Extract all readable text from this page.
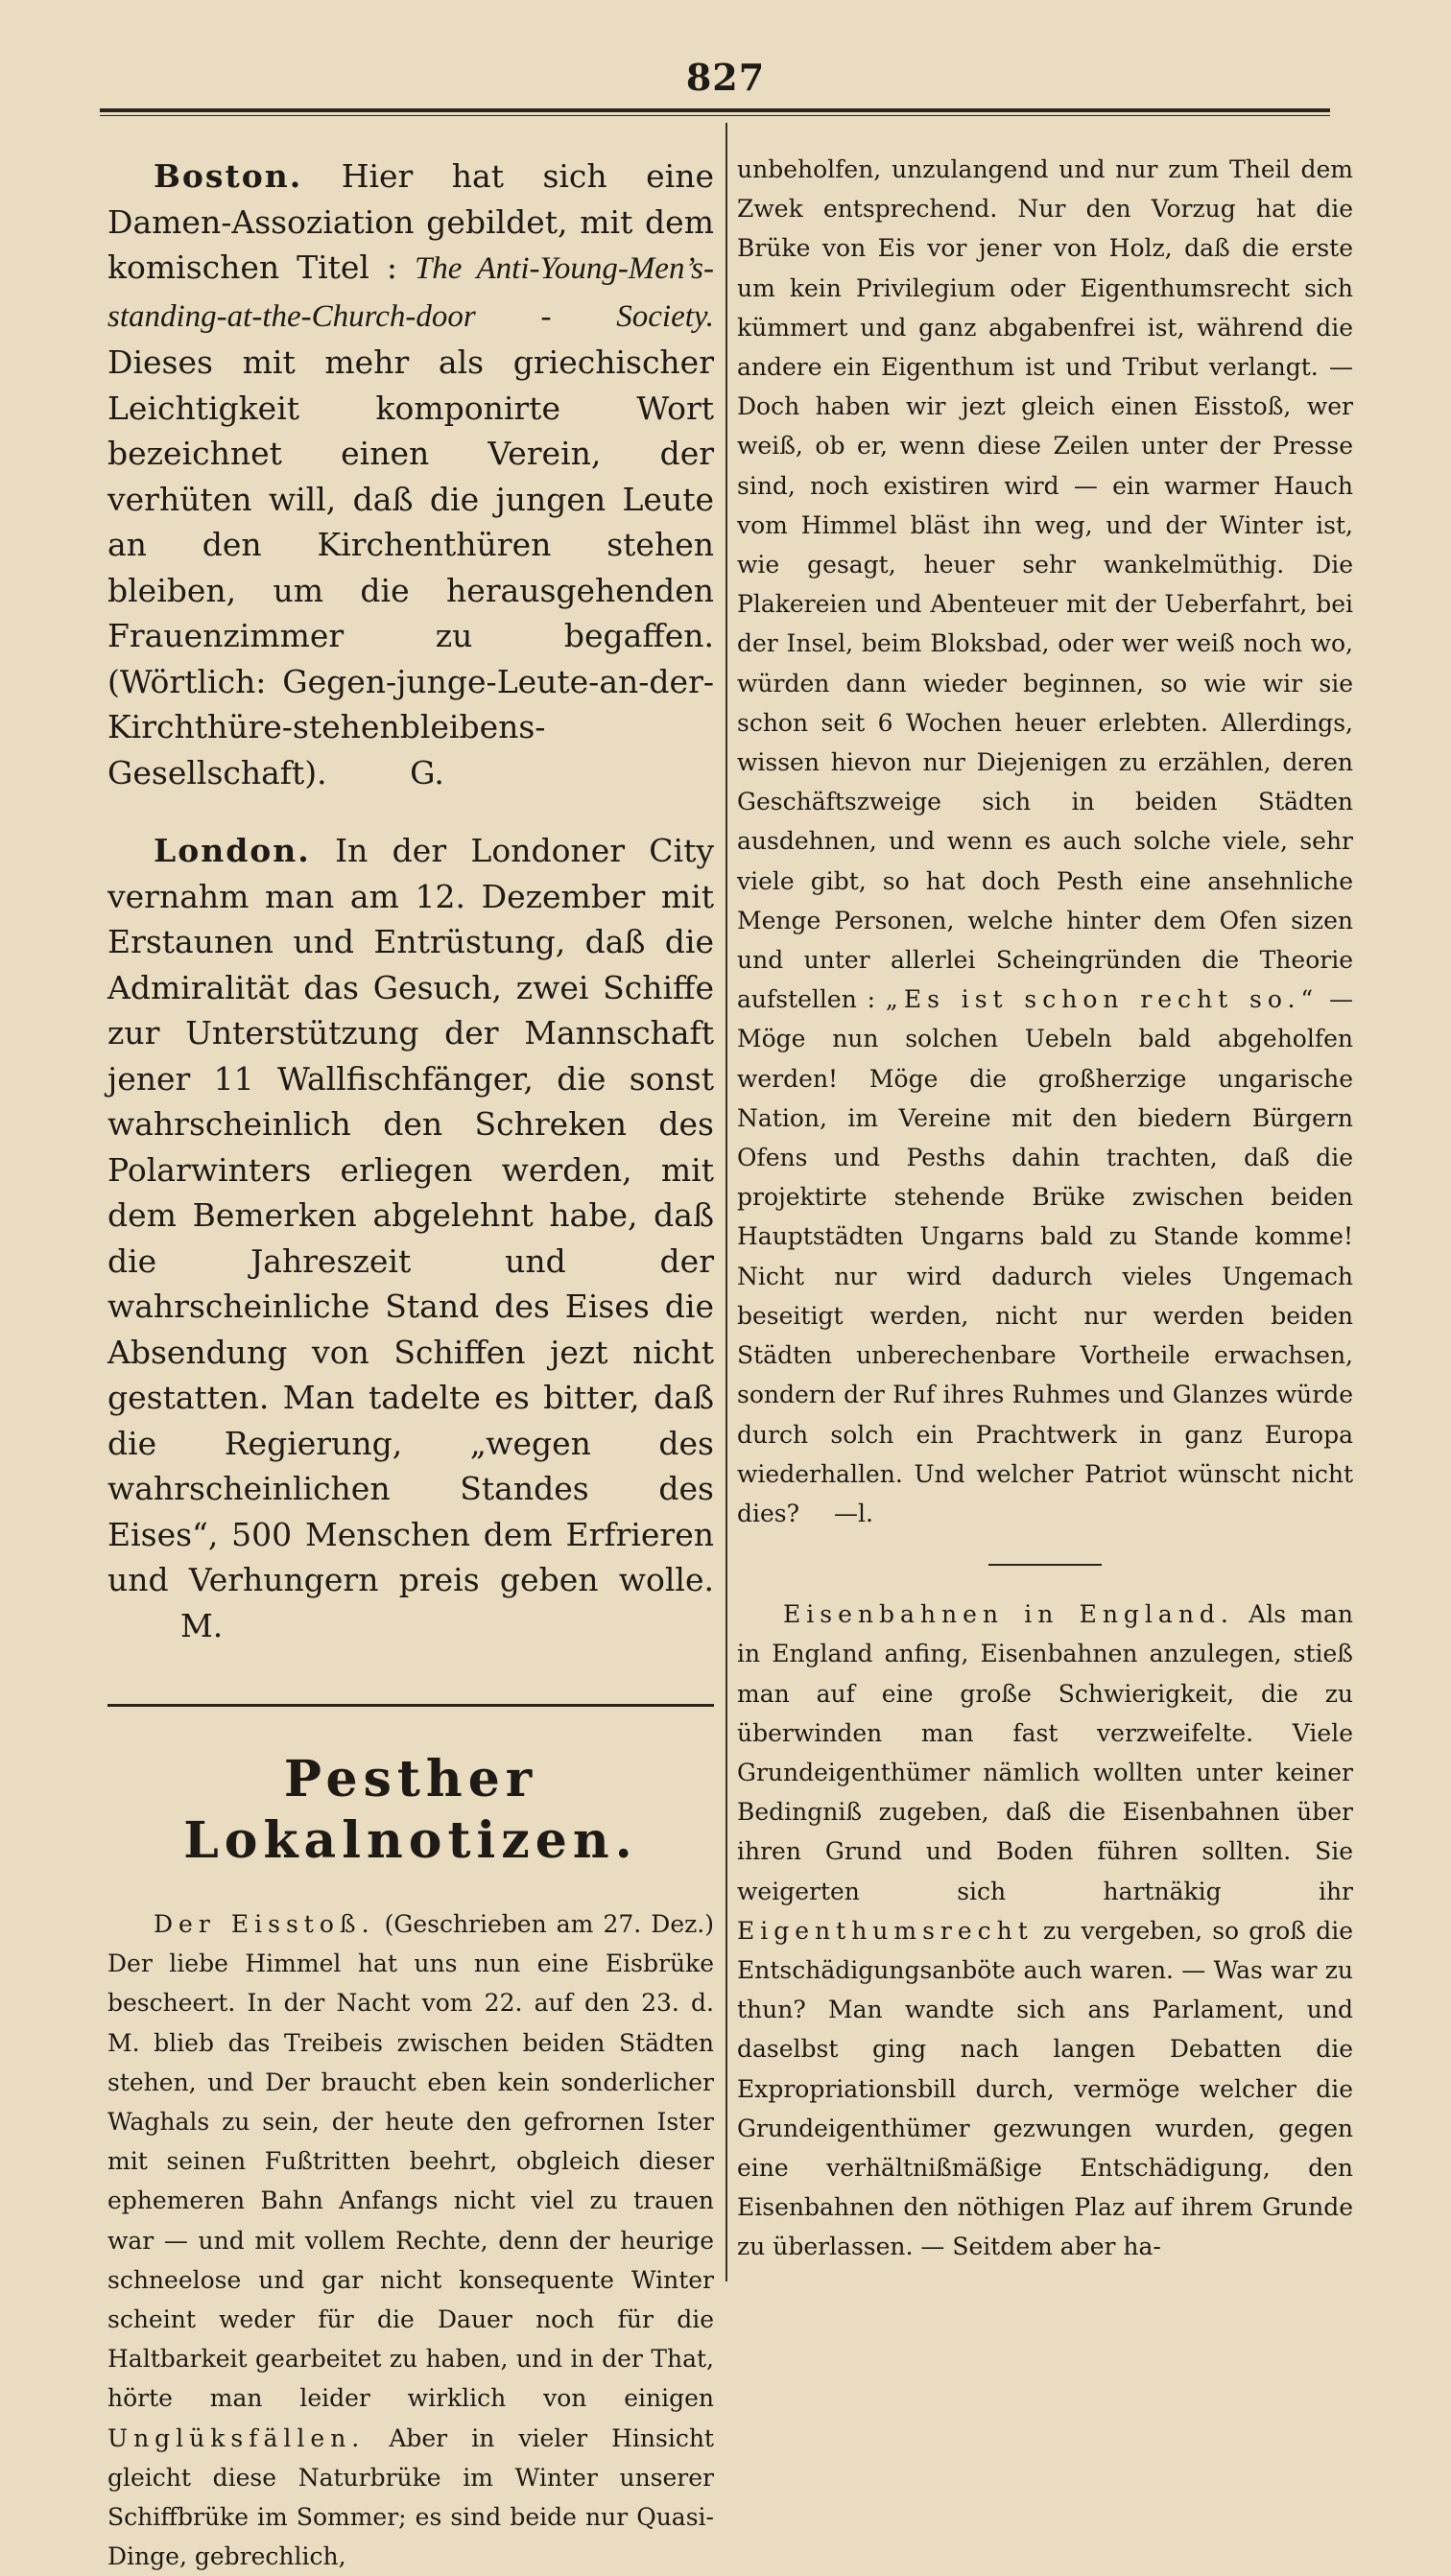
827

Boston. Hier hat sich eine Damen-Assoziation gebildet, mit dem komischen Titel : The Anti-Young-Men’s-standing-at-the-Church-door - Society. Dieses mit mehr als griechischer Leichtigkeit komponirte Wort bezeichnet einen Verein, der verhüten will, daß die jungen Leute an den Kirchenthüren stehen bleiben, um die herausgehenden Frauenzimmer zu begaffen. (Wörtlich: Gegen-junge-Leute-an-der-Kirchthüre-stehenbleibens-Gesellschaft).	G.

London. In der Londoner City vernahm man am 12. Dezember mit Erstaunen und Entrüstung, daß die Admiralität das Gesuch, zwei Schiffe zur Unterstützung der Mannschaft jener 11 Wallfischfänger, die sonst wahrscheinlich den Schreken des Polarwinters erliegen werden, mit dem Bemerken abgelehnt habe, daß die Jahreszeit und der wahrscheinliche Stand des Eises die Absendung von Schiffen jezt nicht gestatten. Man tadelte es bitter, daß die Regierung, „wegen des wahrscheinlichen Standes des Eises“, 500 Menschen dem Erfrieren und Verhungern preis geben wolle. M.

Pesther Lokalnotizen.

Der Eisstoß. (Geschrieben am 27. Dez.) Der liebe Himmel hat uns nun eine Eisbrüke bescheert. In der Nacht vom 22. auf den 23. d. M. blieb das Treibeis zwischen beiden Städten stehen, und Der braucht eben kein sonderlicher Waghals zu sein, der heute den gefrornen Ister mit seinen Fußtritten beehrt, obgleich dieser ephemeren Bahn Anfangs nicht viel zu trauen war — und mit vollem Rechte, denn der heurige schneelose und gar nicht konsequente Winter scheint weder für die Dauer noch für die Haltbarkeit gearbeitet zu haben, und in der That, hörte man leider wirklich von einigen Unglüksfällen. Aber in vieler Hinsicht gleicht diese Naturbrüke im Winter unserer Schiffbrüke im Sommer; es sind beide nur Quasi-Dinge, gebrechlich,

unbeholfen, unzulangend und nur zum Theil dem Zwek entsprechend. Nur den Vorzug hat die Brüke von Eis vor jener von Holz, daß die erste um kein Privilegium oder Eigenthumsrecht sich kümmert und ganz abgabenfrei ist, während die andere ein Eigenthum ist und Tribut verlangt. — Doch haben wir jezt gleich einen Eisstoß, wer weiß, ob er, wenn diese Zeilen unter der Presse sind, noch existiren wird — ein warmer Hauch vom Himmel bläst ihn weg, und der Winter ist, wie gesagt, heuer sehr wankelmüthig. Die Plakereien und Abenteuer mit der Ueberfahrt, bei der Insel, beim Bloksbad, oder wer weiß noch wo, würden dann wieder beginnen, so wie wir sie schon seit 6 Wochen heuer erlebten. Allerdings, wissen hievon nur Diejenigen zu erzählen, deren Geschäftszweige sich in beiden Städten ausdehnen, und wenn es auch solche viele, sehr viele gibt, so hat doch Pesth eine ansehnliche Menge Personen, welche hinter dem Ofen sizen und unter allerlei Scheingründen die Theorie aufstellen : „Es ist schon recht so.“ — Möge nun solchen Uebeln bald abgeholfen werden! Möge die großherzige ungarische Nation, im Vereine mit den biedern Bürgern Ofens und Pesths dahin trachten, daß die projektirte stehende Brüke zwischen beiden Hauptstädten Ungarns bald zu Stande komme! Nicht nur wird dadurch vieles Ungemach beseitigt werden, nicht nur werden beiden Städten unberechenbare Vortheile erwachsen, sondern der Ruf ihres Ruhmes und Glanzes würde durch solch ein Prachtwerk in ganz Europa wiederhallen. Und welcher Patriot wünscht nicht dies? —l.

Eisenbahnen in England. Als man in England anfing, Eisenbahnen anzulegen, stieß man auf eine große Schwierigkeit, die zu überwinden man fast verzweifelte. Viele Grundeigenthümer nämlich wollten unter keiner Bedingniß zugeben, daß die Eisenbahnen über ihren Grund und Boden führen sollten. Sie weigerten sich hartnäkig ihr Eigenthumsrecht zu vergeben, so groß die Entschädigungsanböte auch waren. — Was war zu thun? Man wandte sich ans Parlament, und daselbst ging nach langen Debatten die Expropriationsbill durch, vermöge welcher die Grundeigenthümer gezwungen wurden, gegen eine verhältnißmäßige Entschädigung, den Eisenbahnen den nöthigen Plaz auf ihrem Grunde zu überlassen. — Seitdem aber ha-
